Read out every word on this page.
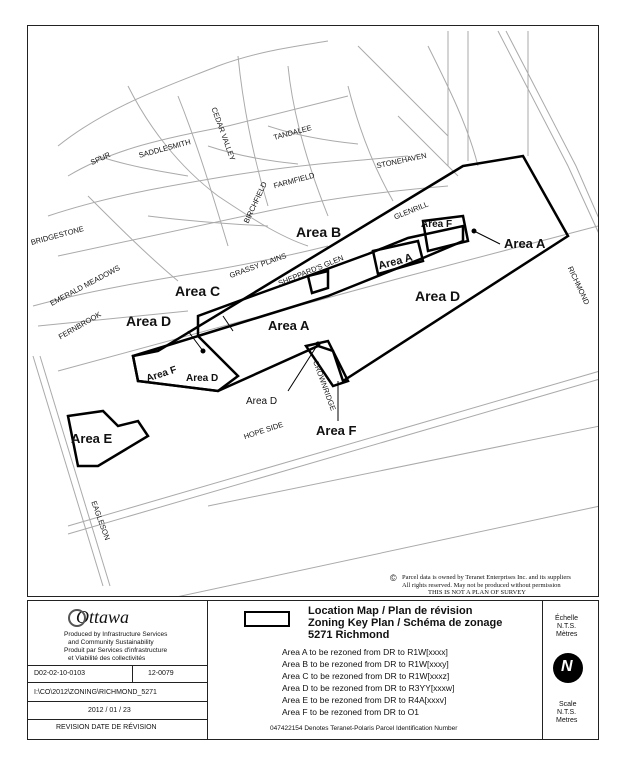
CEDAR VALLEY
SADDLESMITH
SPUR
TANDALEE
STONEHAVEN
FARMFIELD
BIRCHFIELD	GLENRILL
BRIDGESTONE
GRASSY PLAINS
SHEPPARD'S GLEN
EMERALD MEADOWS
FERNBROOK
CROWNRIDGE
HOPE SIDE
EAGLESON
RICHMOND
Area A
Area A
Area B
Area C
Area D
Area D
Area D
Area D
Area E
Area F
Area F
Area F
Area A
© Parcel data is owned by Teranet Enterprises Inc. and its suppliers
All rights reserved. May not be produced without permission
THIS IS NOT A PLAN OF SURVEY
Ottawa
Produced by Infrastructure Services
and Community Sustainability
Produit par Services d'infrastructure
et Viabilité des collectivités
D02-02-10-0103	12-0079
I:\CO\2012\ZONING\RICHMOND_5271
2012 / 01 / 23
REVISION DATE DE RÉVISION
Location Map / Plan de révision
Zoning Key Plan / Schéma de zonage
5271 Richmond
Area A to be rezoned from DR to R1W[xxxx]
Area B to be rezoned from DR to R1W[xxxy]
Area C to be rezoned from DR to R1W[xxxz]
Area D to be rezoned from DR to R3YY[xxxw]
Area E to be rezoned from DR to R4A[xxxv]
Area F to be rezoned from DR to O1
047422154 Denotes Teranet-Polaris Parcel Identification Number
Échelle
N.T.S.
Mètres
N
Scale
N.T.S.
Metres
